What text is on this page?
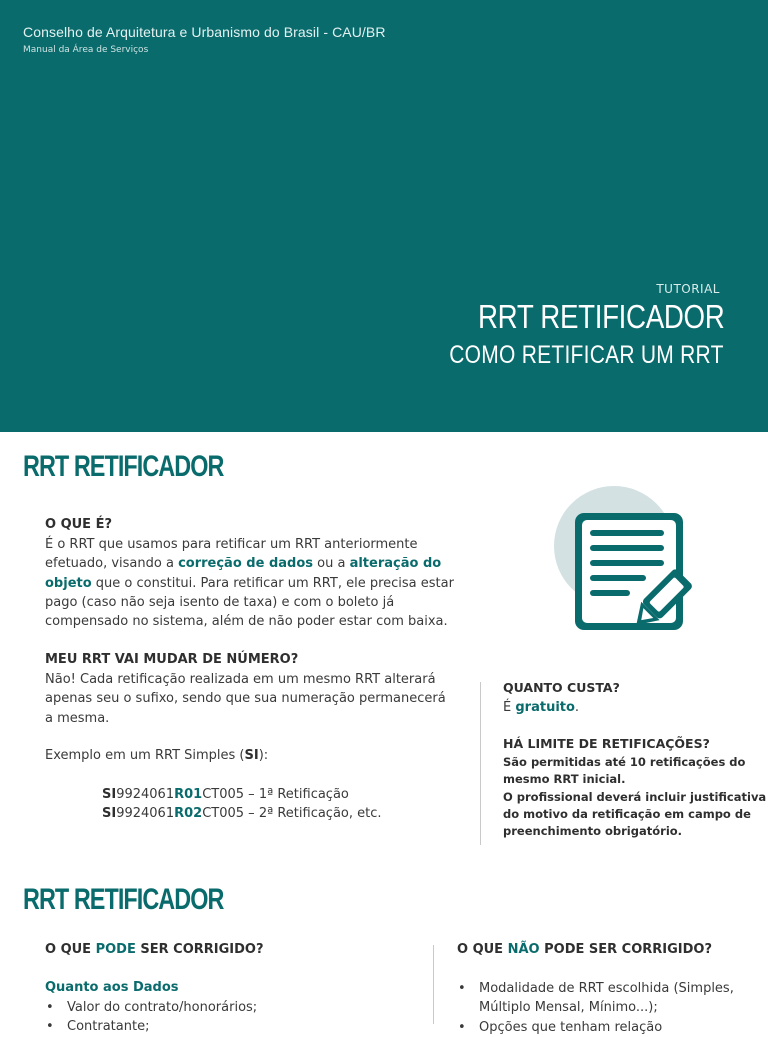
Conselho de Arquitetura e Urbanismo do Brasil - CAU/BR
Manual da Área de Serviços
TUTORIAL
RRT RETIFICADOR
COMO RETIFICAR UM RRT
RRT RETIFICADOR
O QUE É?
É o RRT que usamos para retificar um RRT anteriormente
efetuado, visando a correção de dados ou a alteração do
objeto que o constitui. Para retificar um RRT, ele precisa estar
pago (caso não seja isento de taxa) e com o boleto já
compensado no sistema, além de não poder estar com baixa.
MEU RRT VAI MUDAR DE NÚMERO?
Não! Cada retificação realizada em um mesmo RRT alterará
apenas seu o sufixo, sendo que sua numeração permanecerá
a mesma.
Exemplo em um RRT Simples (SI):
SI9924061R01CT005 – 1ª Retificação
SI9924061R02CT005 – 2ª Retificação, etc.
QUANTO CUSTA?
É gratuito.
HÁ LIMITE DE RETIFICAÇÕES?
São permitidas até 10 retificações do
mesmo RRT inicial.
O profissional deverá incluir justificativa
do motivo da retificação em campo de
preenchimento obrigatório.
RRT RETIFICADOR
O QUE PODE SER CORRIGIDO?
Quanto aos Dados
• Valor do contrato/honorários;
• Contratante;
O QUE NÃO PODE SER CORRIGIDO?
• Modalidade de RRT escolhida (Simples,
Múltiplo Mensal, Mínimo...);

• Opções que tenham relação
